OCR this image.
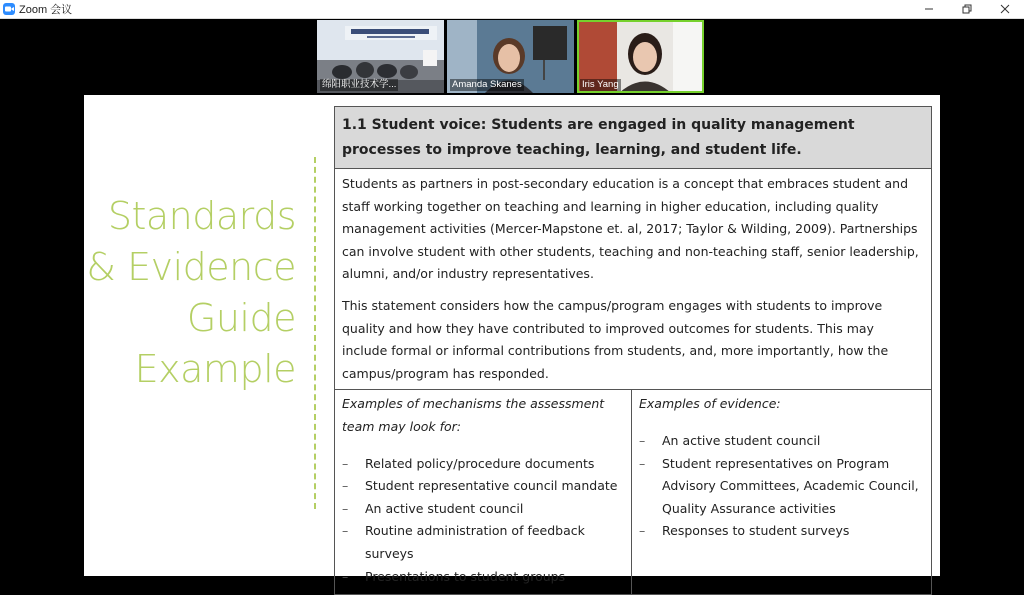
Zoom 会议
绵阳职业技术学...	Amanda Skanes	Iris Yang
Standards
& Evidence
Guide
Example
1.1 Student voice: Students are engaged in quality management processes to improve teaching, learning, and student life.

Students as partners in post-secondary education is a concept that embraces student and staff working together on teaching and learning in higher education, including quality management activities (Mercer-Mapstone et. al, 2017; Taylor & Wilding, 2009). Partnerships can involve student with other students, teaching and non-teaching staff, senior leadership, alumni, and/or industry representatives.

This statement considers how the campus/program engages with students to improve quality and how they have contributed to improved outcomes for students. This may include formal or informal contributions from students, and, more importantly, how the campus/program has responded.

Examples of mechanisms the assessment team may look for:
– Related policy/procedure documents
– Student representative council mandate
– An active student council
– Routine administration of feedback surveys
– Presentations to student groups
Examples of evidence:
– An active student council
– Student representatives on Program Advisory Committees, Academic Council, Quality Assurance activities
– Responses to student surveys
